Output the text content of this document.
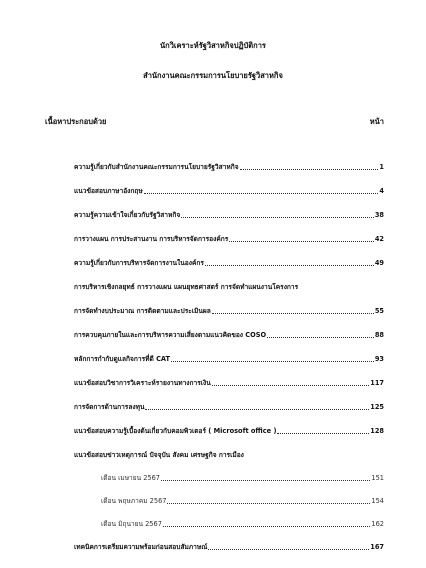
นักวิเคราะห์รัฐวิสาหกิจปฏิบัติการ
สำนักงานคณะกรรมการนโยบายรัฐวิสาหกิจ
เนื้อหาประกอบด้วย	หน้า
ความรู้เกี่ยวกับสำนักงานคณะกรรมการนโยบายรัฐวิสาหกิจ	1
แนวข้อสอบภาษาอังกฤษ	4
ความรู้ความเข้าใจเกี่ยวกับรัฐวิสาหกิจ	38
การวางแผน การประสานงาน การบริหารจัดการองค์กร	42
ความรู้เกี่ยวกับการบริหารจัดการงานในองค์กร	49
การบริหารเชิงกลยุทธ์ การวางแผน แผนยุทธศาสตร์ การจัดทำแผนงานโครงการ
การจัดทำงบประมาณ การติดตามและประเมินผล	55
การควบคุมภายในและการบริหารความเสี่ยงตามแนวคิดของ COSO	88
หลักการกำกับดูแลกิจการที่ดี CAT	93
แนวข้อสอบวิชาการวิเคราะห์รายงานทางการเงิน	117
การจัดการด้านการลงทุน	125
แนวข้อสอบความรู้เบื้องต้นเกี่ยวกับคอมพิวเตอร์ ( Microsoft office )	128
แนวข้อสอบข่าวเหตุการณ์ ปัจจุบัน สังคม เศรษฐกิจ การเมือง
เดือน เมษายน 2567	151
เดือน พฤษภาคม 2567	154
เดือน มิถุนายน 2567	162
เทคนิคการเตรียมความพร้อมก่อนสอบสัมภาษณ์	167
